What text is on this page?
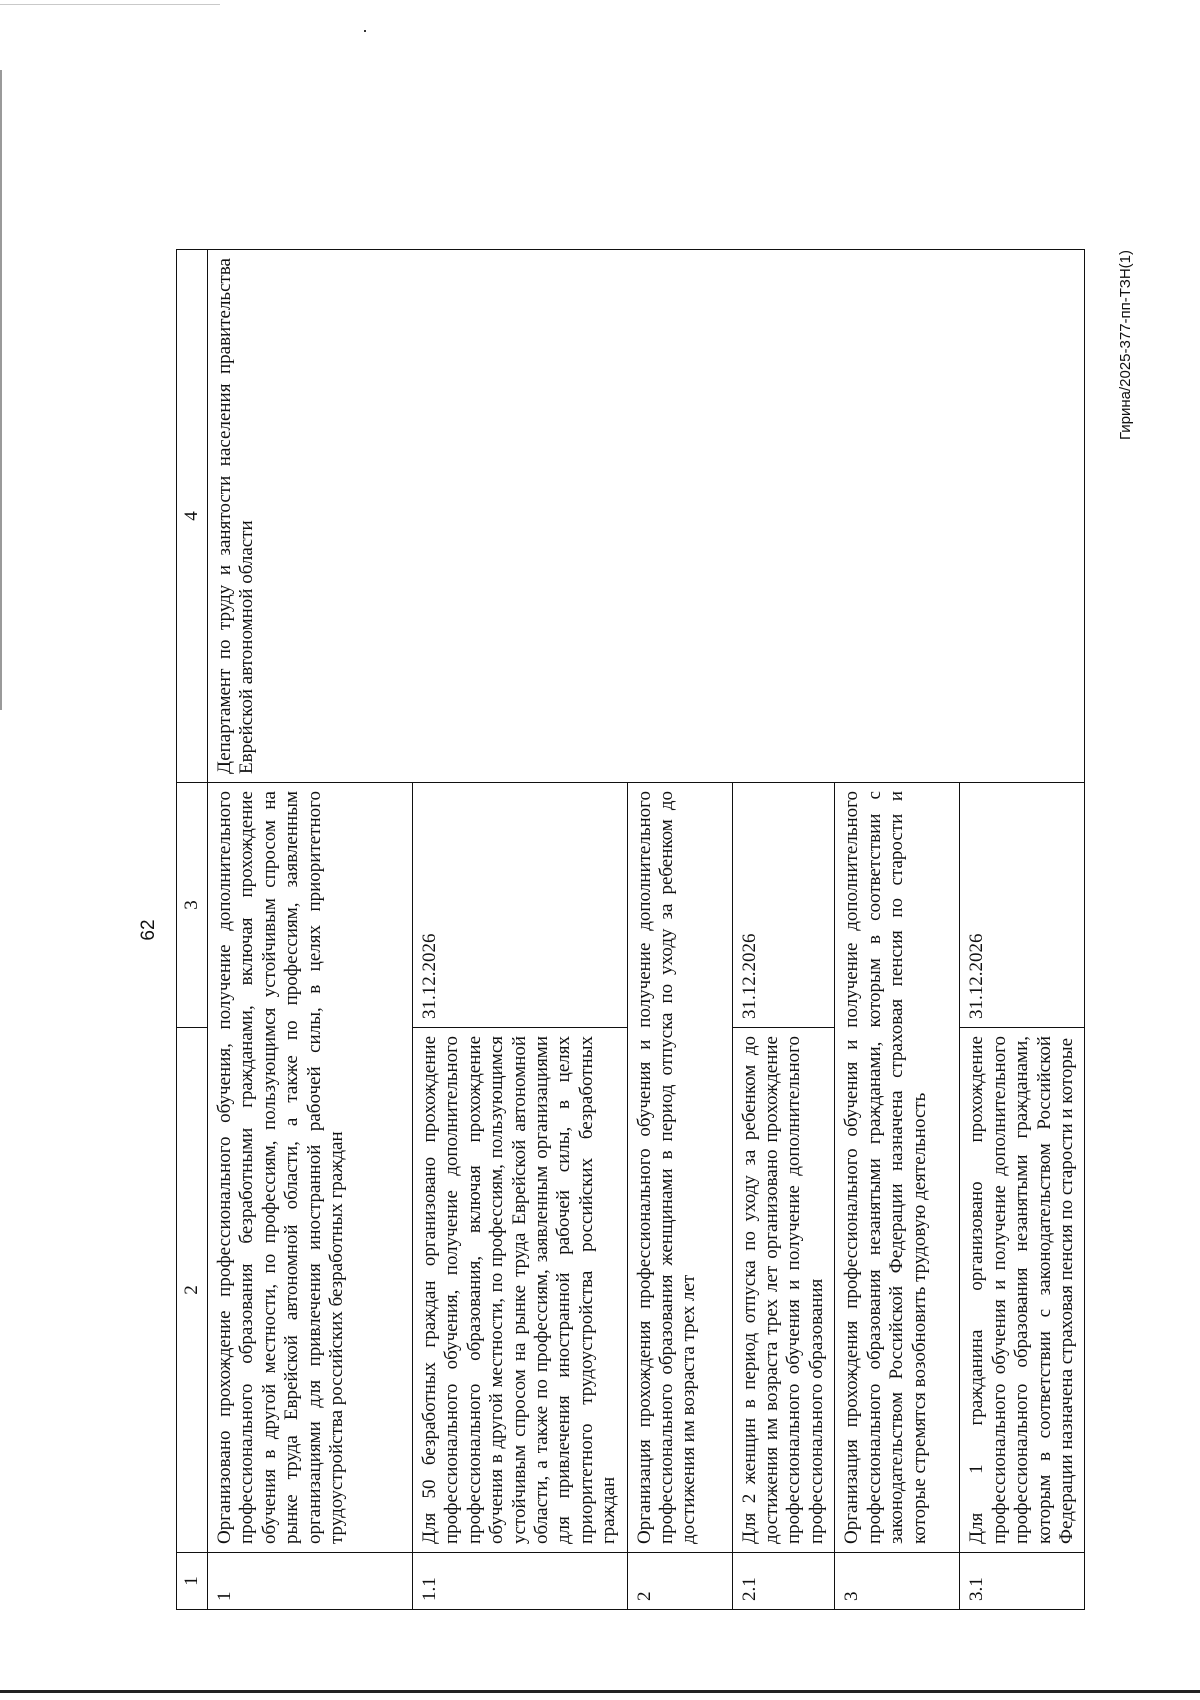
62
1	2	3	4
1	Организовано прохождение профессионального обучения, получение дополнительного профессионального образования безработными гражданами, включая прохождение обучения в другой местности, по профессиям, пользующимся устойчивым спросом на рынке труда Еврейской автономной области, а также по профессиям, заявленным организациями для привлечения иностранной рабочей силы, в целях приоритетного трудоустройства российских безработных граждан		Департамент по труду и занятости населения правительства Еврейской автономной области
1.1	Для 50 безработных граждан организовано прохождение профессионального обучения, получение дополнительного профессионального образования, включая прохождение обучения в другой местности, по профессиям, пользующимся устойчивым спросом на рынке труда Еврейской автономной области, а также по профессиям, заявленным организациями для привлечения иностранной рабочей силы, в целях приоритетного трудоустройства российских безработных граждан	31.12.2026	
2	Организация прохождения профессионального обучения и получение дополнительного профессионального образования женщинами в период отпуска по уходу за ребенком до достижения им возраста трех лет		
2.1	Для 2 женщин в период отпуска по уходу за ребенком до достижения им возраста трех лет организовано прохождение профессионального обучения и получение дополнительного профессионального образования	31.12.2026	
3	Организация прохождения профессионального обучения и получение дополнительного профессионального образования незанятыми гражданами, которым в соответствии с законодательством Российской Федерации назначена страховая пенсия по старости и которые стремятся возобновить трудовую деятельность		
3.1	Для 1 гражданина организовано прохождение профессионального обучения и получение дополнительного профессионального образования незанятыми гражданами, которым в соответствии с законодательством Российской Федерации назначена страховая пенсия по старости и которые	31.12.2026	
Гирина/2025-377-пп-ТЗН(1)
